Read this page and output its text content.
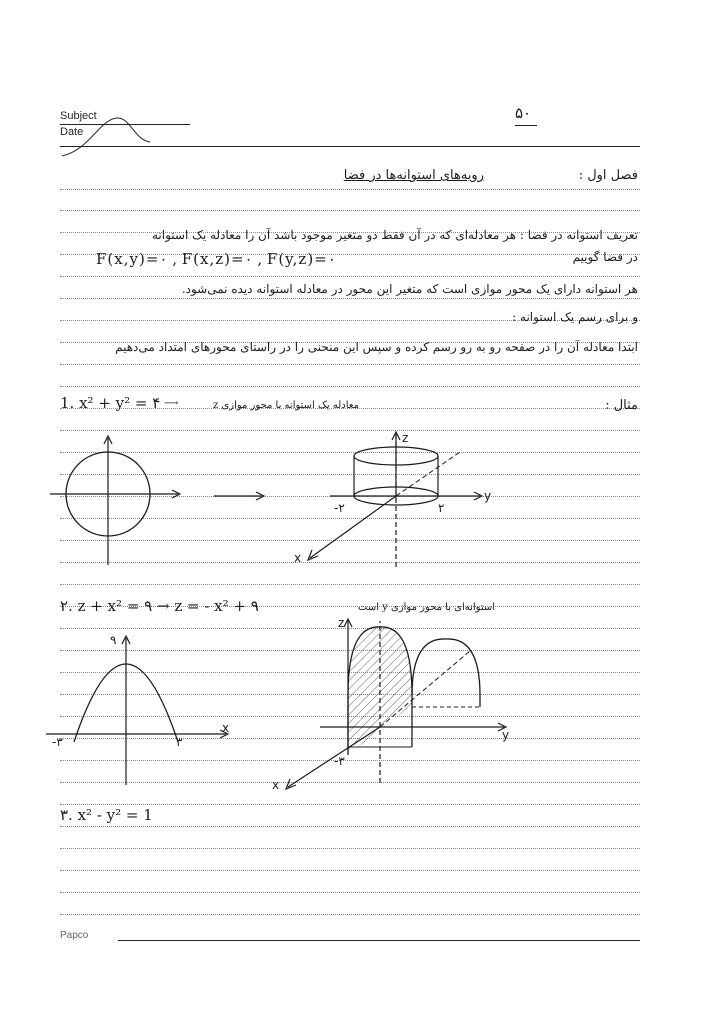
Subject
Date
۵۰
Papco
فصل اول :
رویه‌های استوانه‌ها در فضا
تعریف استوانه در فضا : هر معادله‌ای که در آن فقط دو متغیر موجود باشد آن را معادله یک استوانه
در فضا گوییم
F(x,y)=۰ , F(x,z)=۰ , F(y,z)=۰
هر استوانه دارای یک محور موازی است که متغیر این محور در معادله استوانه دیده نمی‌شود.
و برای رسم یک استوانه :
ابتدا معادله آن را در صفحه رو به رو رسم کرده و سپس این منحنی را در راستای محورهای امتداد می‌دهیم
مثال :
1. x² + y² = ۴ ⟶	معادله یک استوانه با محور موازی z
z
y
x
-۲	۲
۲. z + x² = ۹ → z = - x² + ۹	استوانه‌ای با محور موازی y است
x
۹
-۳	۳
z
y
x
-۳
۳. x² - y² = 1
